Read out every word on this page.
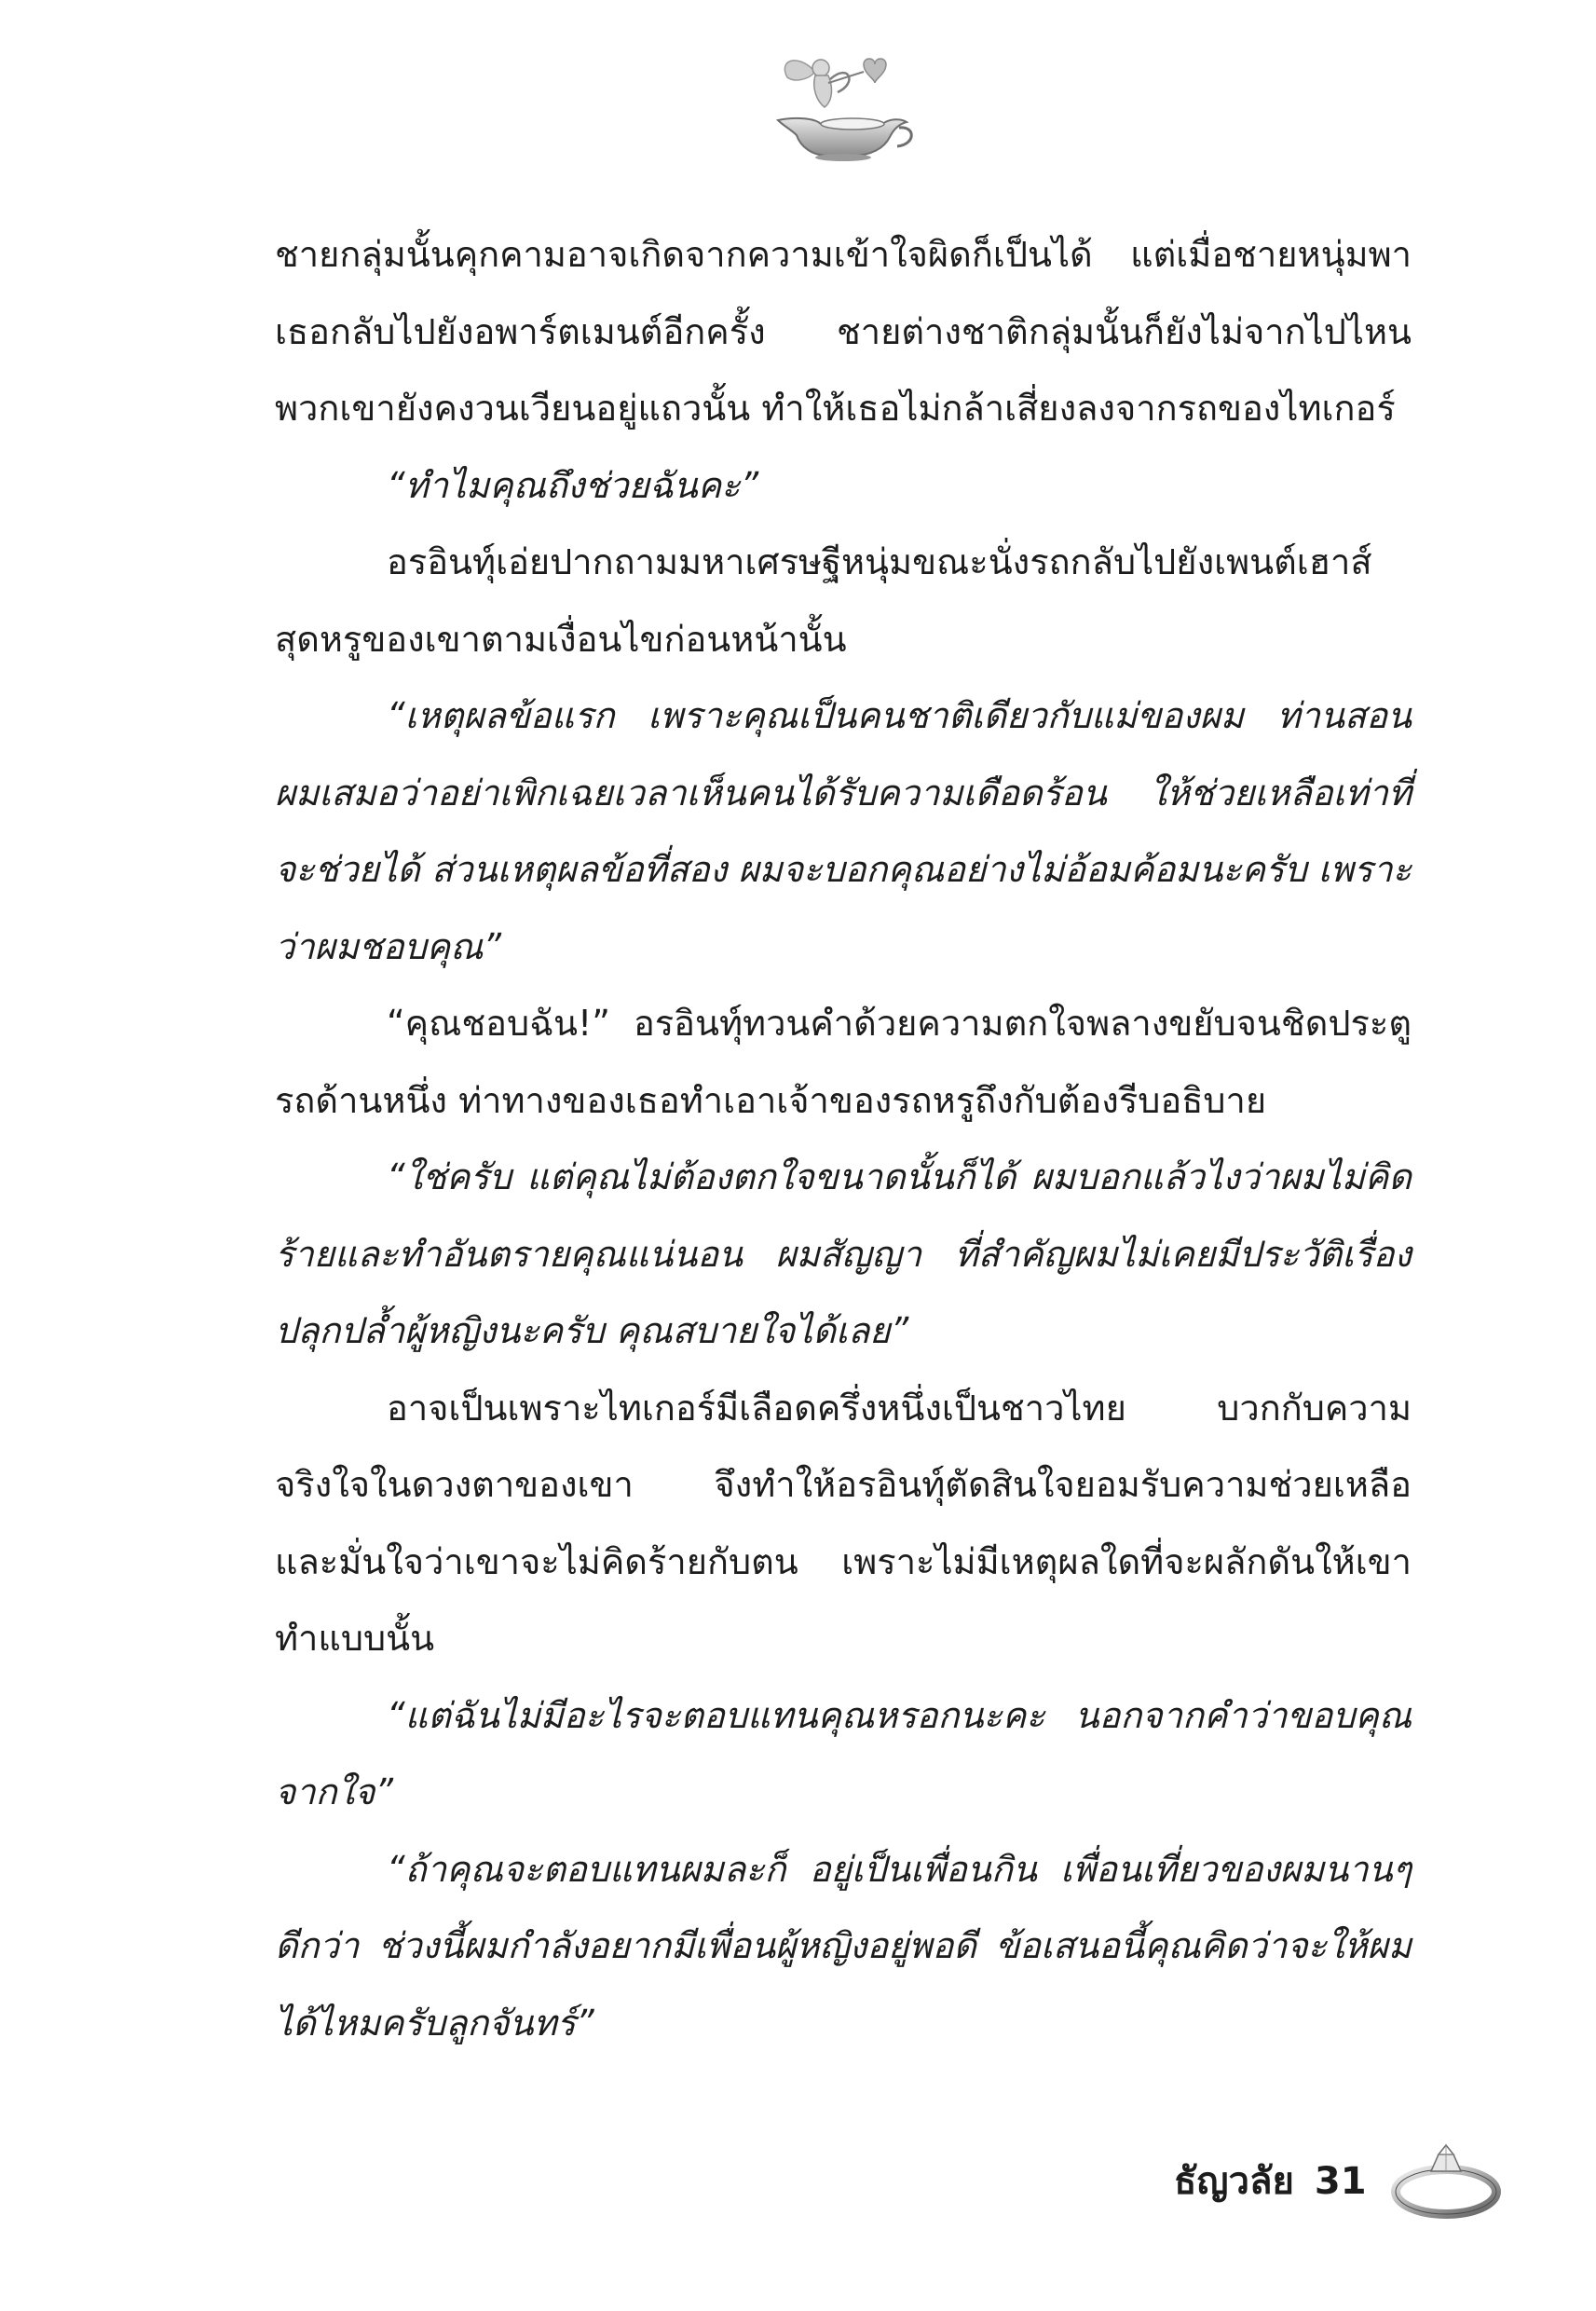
ชายกลุ่มนั้นคุกคามอาจเกิดจากความเข้าใจผิดก็เป็นได้ แต่เมื่อชายหนุ่มพาเธอกลับไปยังอพาร์ตเมนต์อีกครั้ง ชายต่างชาติกลุ่มนั้นก็ยังไม่จากไปไหน พวกเขายังคงวนเวียนอยู่แถวนั้น ทำให้เธอไม่กล้าเสี่ยงลงจากรถของไทเกอร์

“ทำไมคุณถึงช่วยฉันคะ”

อรอินทุ์เอ่ยปากถามมหาเศรษฐีหนุ่มขณะนั่งรถกลับไปยังเพนต์เฮาส์สุดหรูของเขาตามเงื่อนไขก่อนหน้านั้น

“เหตุผลข้อแรก เพราะคุณเป็นคนชาติเดียวกับแม่ของผม ท่านสอนผมเสมอว่าอย่าเพิกเฉยเวลาเห็นคนได้รับความเดือดร้อน ให้ช่วยเหลือเท่าที่จะช่วยได้ ส่วนเหตุผลข้อที่สอง ผมจะบอกคุณอย่างไม่อ้อมค้อมนะครับ เพราะว่าผมชอบคุณ”

“คุณชอบฉัน!” อรอินทุ์ทวนคำด้วยความตกใจพลางขยับจนชิดประตูรถด้านหนึ่ง ท่าทางของเธอทำเอาเจ้าของรถหรูถึงกับต้องรีบอธิบาย

“ใช่ครับ แต่คุณไม่ต้องตกใจขนาดนั้นก็ได้ ผมบอกแล้วไงว่าผมไม่คิดร้ายและทำอันตรายคุณแน่นอน ผมสัญญา ที่สำคัญผมไม่เคยมีประวัติเรื่องปลุกปล้ำผู้หญิงนะครับ คุณสบายใจได้เลย”

อาจเป็นเพราะไทเกอร์มีเลือดครึ่งหนึ่งเป็นชาวไทย บวกกับความจริงใจในดวงตาของเขา จึงทำให้อรอินทุ์ตัดสินใจยอมรับความช่วยเหลือ และมั่นใจว่าเขาจะไม่คิดร้ายกับตน เพราะไม่มีเหตุผลใดที่จะผลักดันให้เขาทำแบบนั้น

“แต่ฉันไม่มีอะไรจะตอบแทนคุณหรอกนะคะ นอกจากคำว่าขอบคุณจากใจ”

“ถ้าคุณจะตอบแทนผมละก็ อยู่เป็นเพื่อนกิน เพื่อนเที่ยวของผมนานๆ ดีกว่า ช่วงนี้ผมกำลังอยากมีเพื่อนผู้หญิงอยู่พอดี ข้อเสนอนี้คุณคิดว่าจะให้ผมได้ไหมครับลูกจันทร์”

ธัญวลัย 31
